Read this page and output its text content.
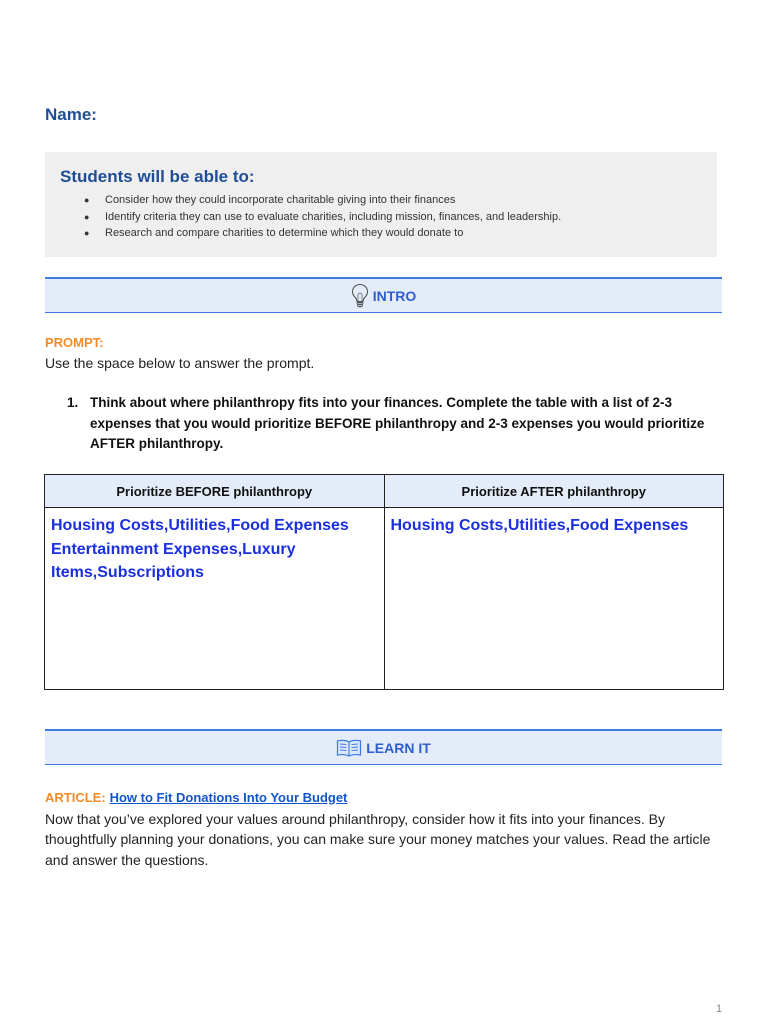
Name:
Students will be able to:
● Consider how they could incorporate charitable giving into their finances
● Identify criteria they can use to evaluate charities, including mission, finances, and leadership.
● Research and compare charities to determine which they would donate to
INTRO
PROMPT:
Use the space below to answer the prompt.
1. Think about where philanthropy fits into your finances. Complete the table with a list of 2-3 expenses that you would prioritize BEFORE philanthropy and 2-3 expenses you would prioritize AFTER philanthropy.
Prioritize BEFORE philanthropy	Prioritize AFTER philanthropy
Housing Costs,Utilities,Food Expenses Entertainment Expenses,Luxury Items,Subscriptions	Housing Costs,Utilities,Food Expenses
LEARN IT
ARTICLE: How to Fit Donations Into Your Budget
Now that you’ve explored your values around philanthropy, consider how it fits into your finances. By thoughtfully planning your donations, you can make sure your money matches your values. Read the article and answer the questions.
1
